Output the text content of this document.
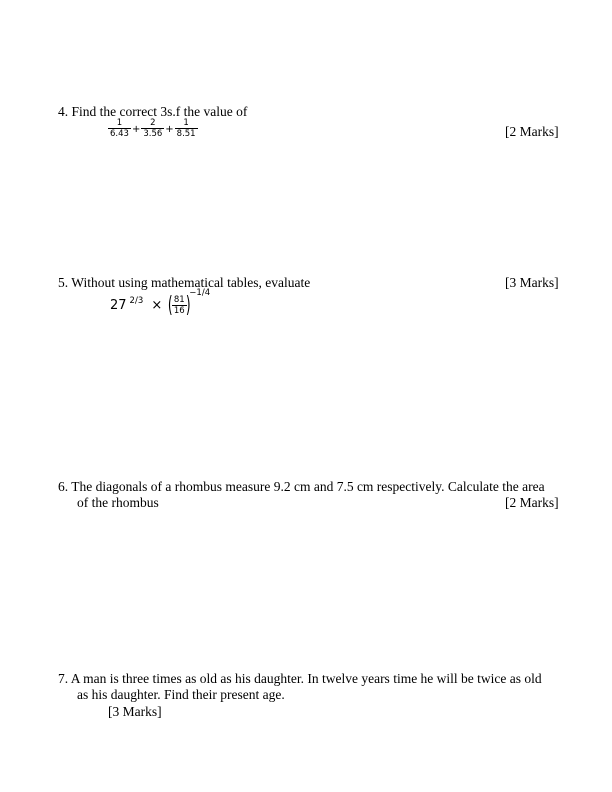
4. Find the correct 3s.f the value of
$\frac{1}{6.43} + \frac{2}{3.56} + \frac{1}{8.51}$	[2 Marks]
5. Without using mathematical tables, evaluate	[3 Marks]
27 $^{2/3}$ × (
$\frac{81}{16}$
)$^{-1/4}$
6. The diagonals of a rhombus measure 9.2 cm and 7.5 cm respectively. Calculate the area
of the rhombus	[2 Marks]
7. A man is three times as old as his daughter. In twelve years time he will be twice as old
as his daughter. Find their present age.
[3 Marks]
